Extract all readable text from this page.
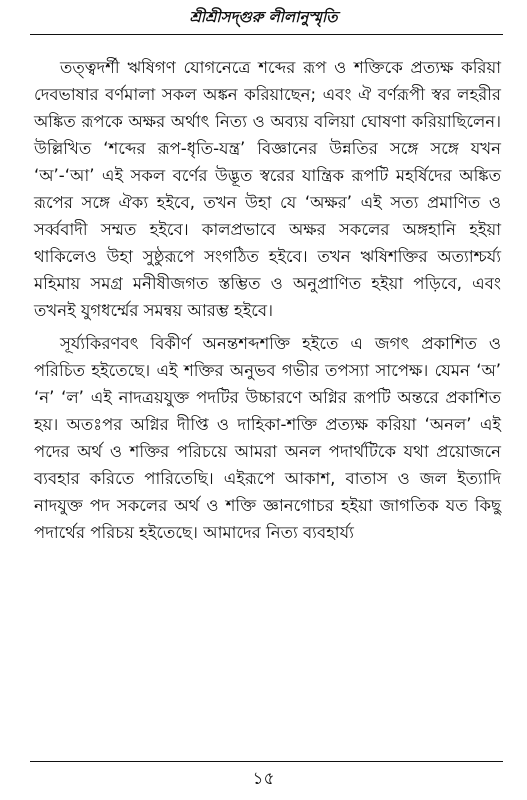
শ্রীশ্রীসদ্‌গুরু লীলানুস্মৃতি

তত্ত্বদর্শী ঋষিগণ যোগনেত্রে শব্দের রূপ ও শক্তিকে প্রত্যক্ষ করিয়া দেবভাষার বর্ণমালা সকল অঙ্কন করিয়াছেন; এবং ঐ বর্ণরূপী স্বর লহরীর অঙ্কিত রূপকে অক্ষর অর্থাৎ নিত্য ও অব্যয় বলিয়া ঘোষণা করিয়াছিলেন। উল্লিখিত ‘শব্দের রূপ-ধৃতি-যন্ত্র’ বিজ্ঞানের উন্নতির সঙ্গে সঙ্গে যখন ‘অ’-‘আ’ এই সকল বর্ণের উদ্ভূত স্বরের যান্ত্রিক রূপটি মহর্ষিদের অঙ্কিত রূপের সঙ্গে ঐক্য হইবে, তখন উহা যে ‘অক্ষর’ এই সত্য প্রমাণিত ও সর্ব্ববাদী সম্মত হইবে। কালপ্রভাবে অক্ষর সকলের অঙ্গহানি হইয়া থাকিলেও উহা সুষ্ঠুরূপে সংগঠিত হইবে। তখন ঋষিশক্তির অত্যাশ্চর্য্য মহিমায় সমগ্র মনীষীজগত স্তম্ভিত ও অনুপ্রাণিত হইয়া পড়িবে, এবং তখনই যুগধর্ম্মের সমন্বয় আরম্ভ হইবে।

সূর্য্যকিরণবৎ বিকীর্ণ অনন্তশব্দশক্তি হইতে এ জগৎ প্রকাশিত ও পরিচিত হইতেছে। এই শক্তির অনুভব গভীর তপস্যা সাপেক্ষ। যেমন ‘অ’ ‘ন’ ‘ল’ এই নাদত্রয়যুক্ত পদটির উচ্চারণে অগ্নির রূপটি অন্তরে প্রকাশিত হয়। অতঃপর অগ্নির দীপ্তি ও দাহিকা-শক্তি প্রত্যক্ষ করিয়া ‘অনল’ এই পদের অর্থ ও শক্তির পরিচয়ে আমরা অনল পদার্থটিকে যথা প্রয়োজনে ব্যবহার করিতে পারিতেছি। এইরূপে আকাশ, বাতাস ও জল ইত্যাদি নাদযুক্ত পদ সকলের অর্থ ও শক্তি জ্ঞানগোচর হইয়া জাগতিক যত কিছু পদার্থের পরিচয় হইতেছে। আমাদের নিত্য ব্যবহার্য্য

১৫
